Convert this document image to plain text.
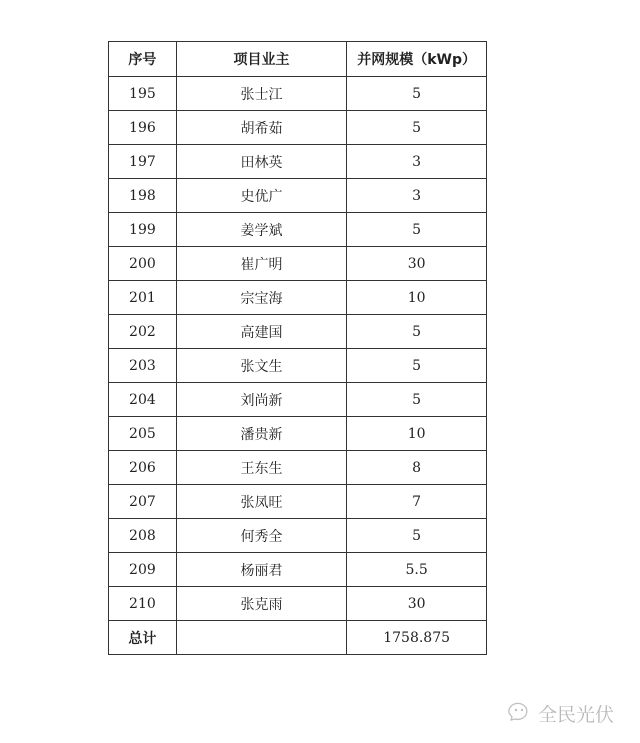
序号	项目业主	并网规模（kWp）
195	张士江	5
196	胡希茹	5
197	田林英	3
198	史优广	3
199	姜学斌	5
200	崔广明	30
201	宗宝海	10
202	高建国	5
203	张文生	5
204	刘尚新	5
205	潘贵新	10
206	王东生	8
207	张凤旺	7
208	何秀全	5
209	杨丽君	5.5
210	张克雨	30
总计		1758.875
全民光伏
